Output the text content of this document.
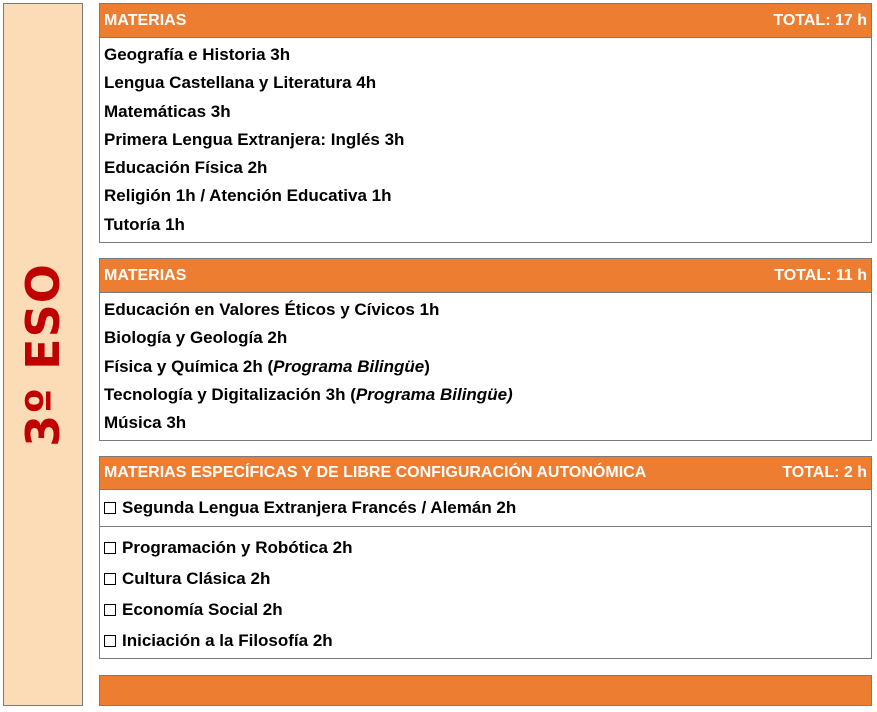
3º ESO
MATERIAS	TOTAL: 17 h
Geografía e Historia 3h
Lengua Castellana y Literatura 4h
Matemáticas 3h
Primera Lengua Extranjera: Inglés 3h
Educación Física 2h
Religión 1h / Atención Educativa 1h
Tutoría 1h
MATERIAS	TOTAL: 11 h
Educación en Valores Éticos y Cívicos 1h
Biología y Geología 2h
Física y Química 2h (Programa Bilingüe)
Tecnología y Digitalización 3h (Programa Bilingüe)
Música 3h
MATERIAS ESPECÍFICAS Y DE LIBRE CONFIGURACIÓN AUTONÓMICA	TOTAL: 2 h
Segunda Lengua Extranjera Francés / Alemán 2h
Programación y Robótica 2h
Cultura Clásica 2h
Economía Social 2h
Iniciación a la Filosofía 2h
